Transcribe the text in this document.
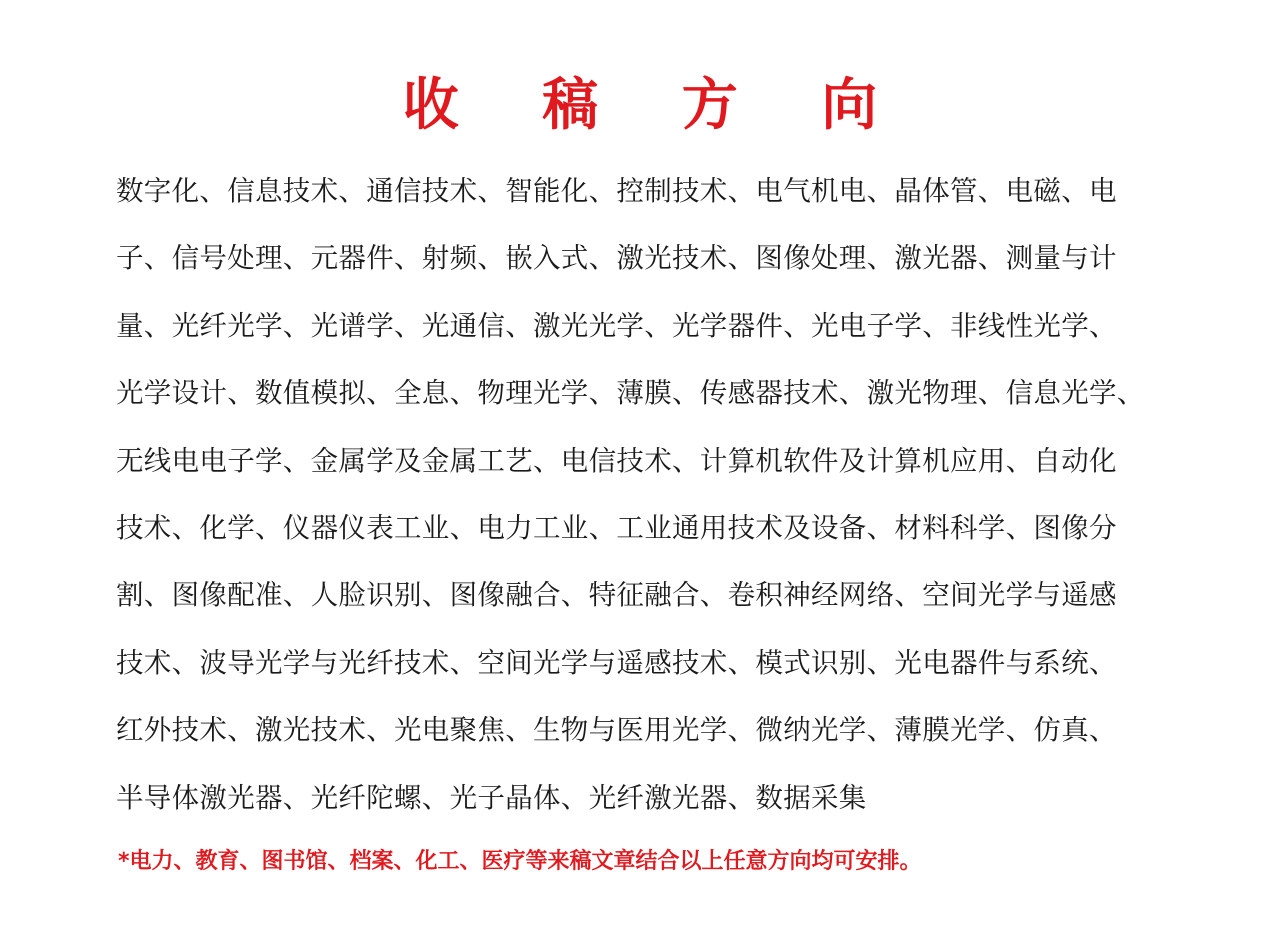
收 稿 方 向
数字化、信息技术、通信技术、智能化、控制技术、电气机电、晶体管、电磁、电
子、信号处理、元器件、射频、嵌入式、激光技术、图像处理、激光器、测量与计
量、光纤光学、光谱学、光通信、激光光学、光学器件、光电子学、非线性光学、
光学设计、数值模拟、全息、物理光学、薄膜、传感器技术、激光物理、信息光学、
无线电电子学、金属学及金属工艺、电信技术、计算机软件及计算机应用、自动化
技术、化学、仪器仪表工业、电力工业、工业通用技术及设备、材料科学、图像分
割、图像配准、人脸识别、图像融合、特征融合、卷积神经网络、空间光学与遥感
技术、波导光学与光纤技术、空间光学与遥感技术、模式识别、光电器件与系统、
红外技术、激光技术、光电聚焦、生物与医用光学、微纳光学、薄膜光学、仿真、
半导体激光器、光纤陀螺、光子晶体、光纤激光器、数据采集

*电力、教育、图书馆、档案、化工、医疗等来稿文章结合以上任意方向均可安排。
